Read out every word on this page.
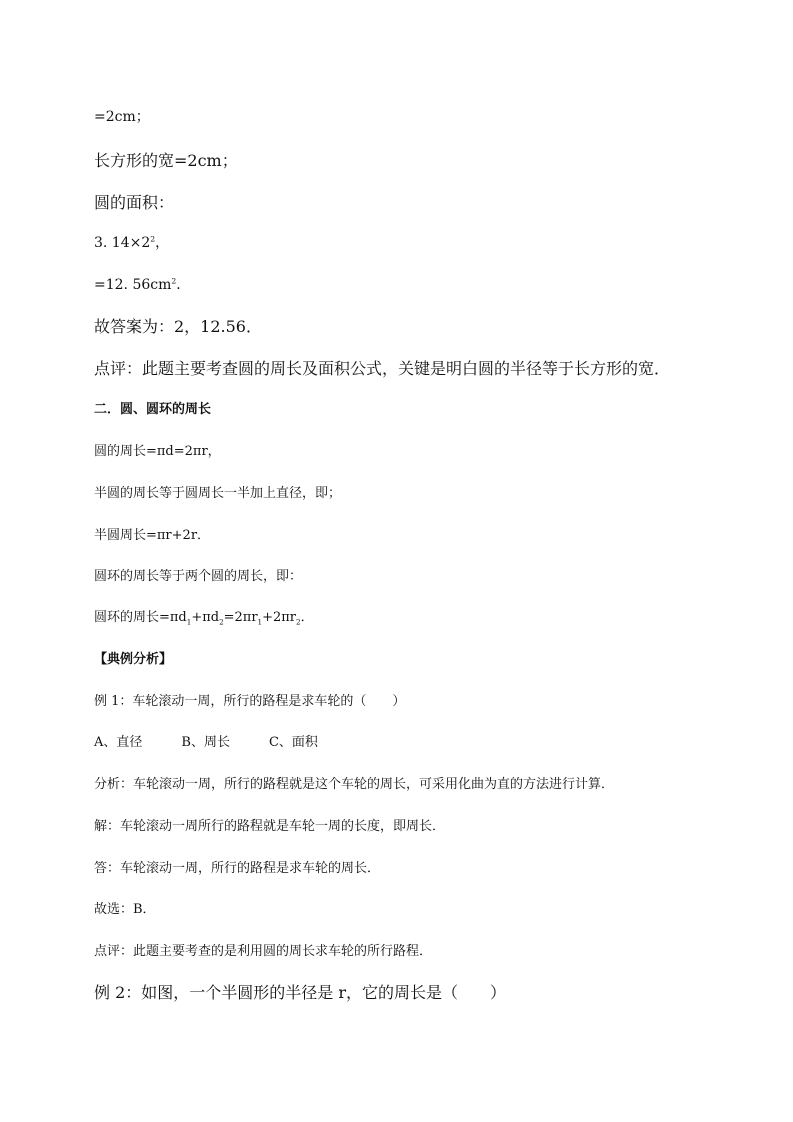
=2cm；
长方形的宽=2cm；
圆的面积：
3. $14\times 2^2$，
=12. $56cm^2$．
故答案为：2，12.56．
点评：此题主要考查圆的周长及面积公式，关键是明白圆的半径等于长方形的宽．
二．圆、圆环的周长
圆的周长=πd=2πr，
半圆的周长等于圆周长一半加上直径，即；
半圆周长=πr+2r．
圆环的周长等于两个圆的周长，即：
圆环的周长$=\pi d_1+\pi d_2=2\pi r_1+2\pi r_2$．
【典例分析】
例 1：车轮滚动一周，所行的路程是求车轮的（　　）
A、直径　　　B、周长　　　C、面积
分析：车轮滚动一周，所行的路程就是这个车轮的周长，可采用化曲为直的方法进行计算．
解：车轮滚动一周所行的路程就是车轮一周的长度，即周长．
答：车轮滚动一周，所行的路程是求车轮的周长．
故选：B．
点评：此题主要考查的是利用圆的周长求车轮的所行路程．
例 2：如图，一个半圆形的半径是 r，它的周长是（　　）
